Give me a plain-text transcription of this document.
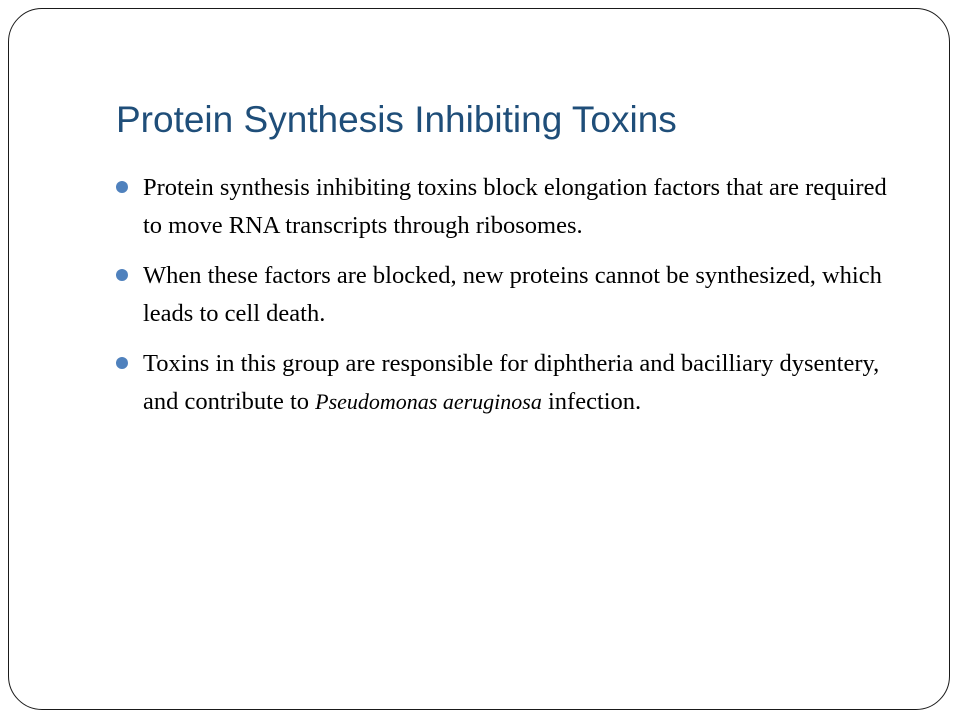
Protein Synthesis Inhibiting Toxins
Protein synthesis inhibiting toxins block elongation factors that are required to move RNA transcripts through ribosomes.
When these factors are blocked, new proteins cannot be synthesized, which leads to cell death.
Toxins in this group are responsible for diphtheria and bacilliary dysentery, and contribute to Pseudomonas aeruginosa infection.
